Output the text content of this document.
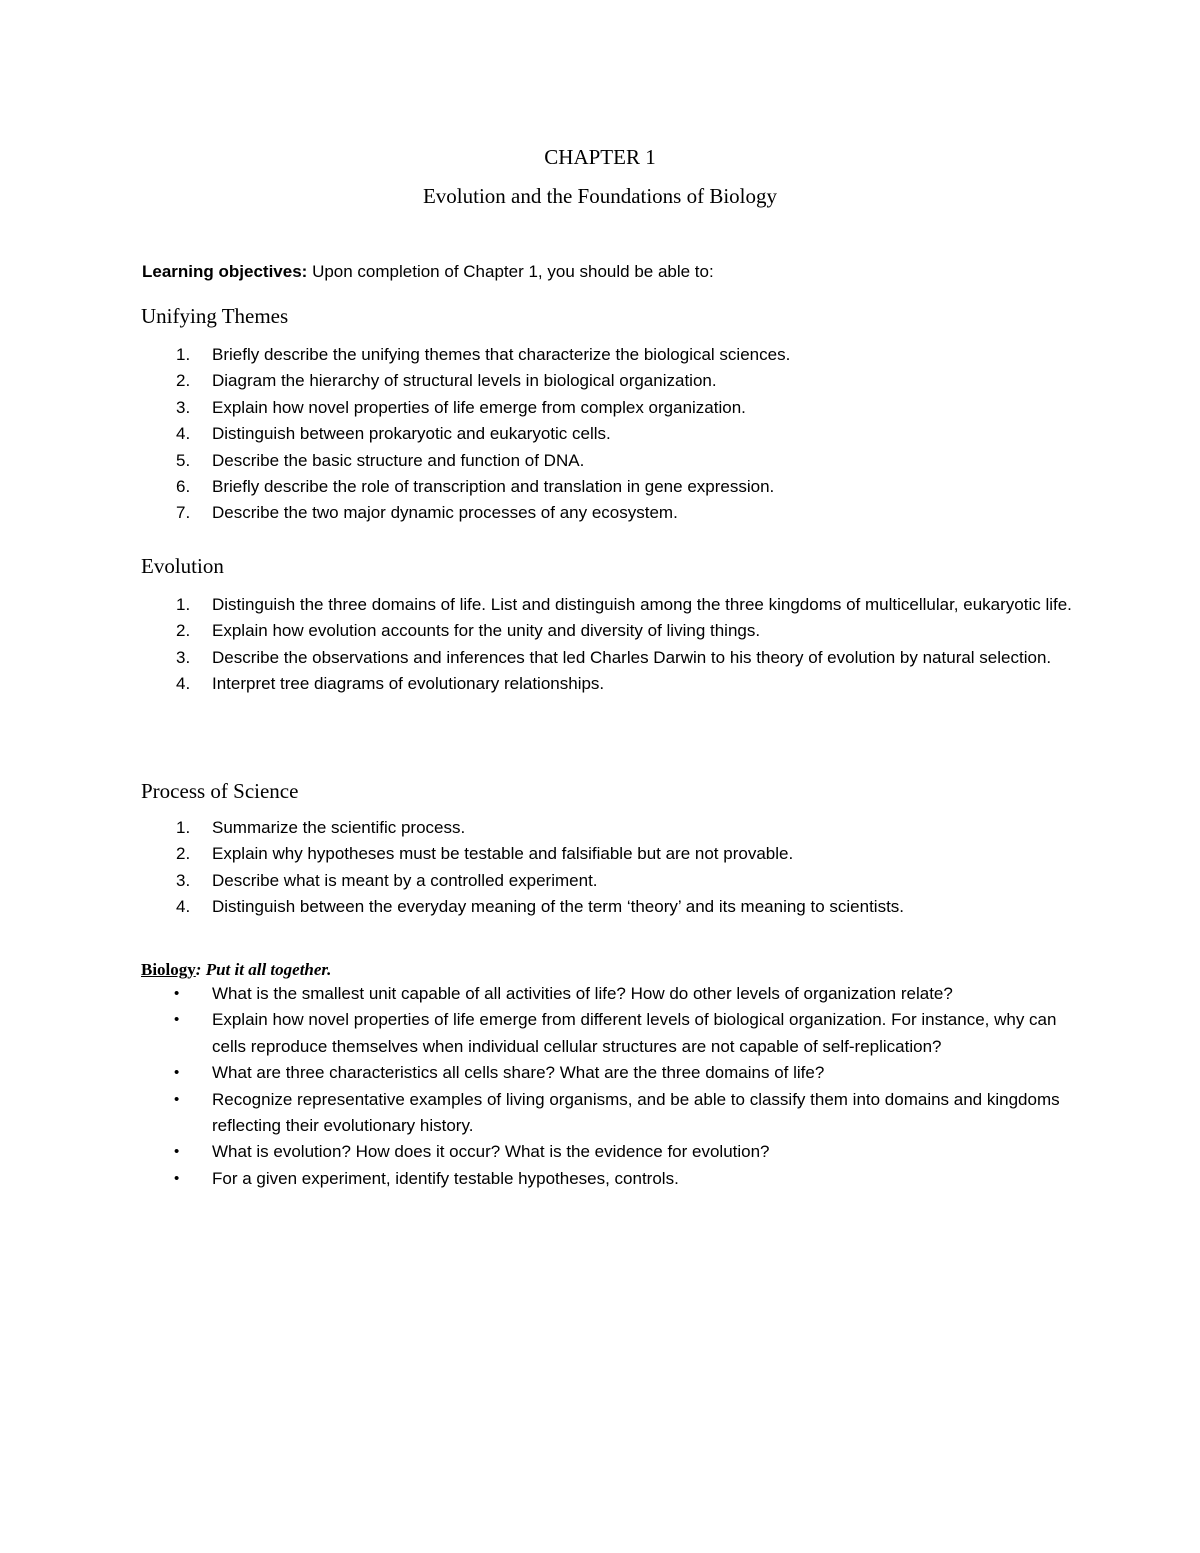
CHAPTER 1
Evolution and the Foundations of Biology
Learning objectives: Upon completion of Chapter 1, you should be able to:
Unifying Themes
1. Briefly describe the unifying themes that characterize the biological sciences.
2. Diagram the hierarchy of structural levels in biological organization.
3. Explain how novel properties of life emerge from complex organization.
4. Distinguish between prokaryotic and eukaryotic cells.
5. Describe the basic structure and function of DNA.
6. Briefly describe the role of transcription and translation in gene expression.
7. Describe the two major dynamic processes of any ecosystem.
Evolution
1. Distinguish the three domains of life. List and distinguish among the three kingdoms of multicellular, eukaryotic life.
2. Explain how evolution accounts for the unity and diversity of living things.
3. Describe the observations and inferences that led Charles Darwin to his theory of evolution by natural selection.
4. Interpret tree diagrams of evolutionary relationships.
Process of Science
1. Summarize the scientific process.
2. Explain why hypotheses must be testable and falsifiable but are not provable.
3. Describe what is meant by a controlled experiment.
4. Distinguish between the everyday meaning of the term ‘theory’ and its meaning to scientists.
Biology: Put it all together.
• What is the smallest unit capable of all activities of life? How do other levels of organization relate?
• Explain how novel properties of life emerge from different levels of biological organization. For instance, why can cells reproduce themselves when individual cellular structures are not capable of self-replication?
• What are three characteristics all cells share? What are the three domains of life?
• Recognize representative examples of living organisms, and be able to classify them into domains and kingdoms reflecting their evolutionary history.
• What is evolution? How does it occur? What is the evidence for evolution?
• For a given experiment, identify testable hypotheses, controls.
